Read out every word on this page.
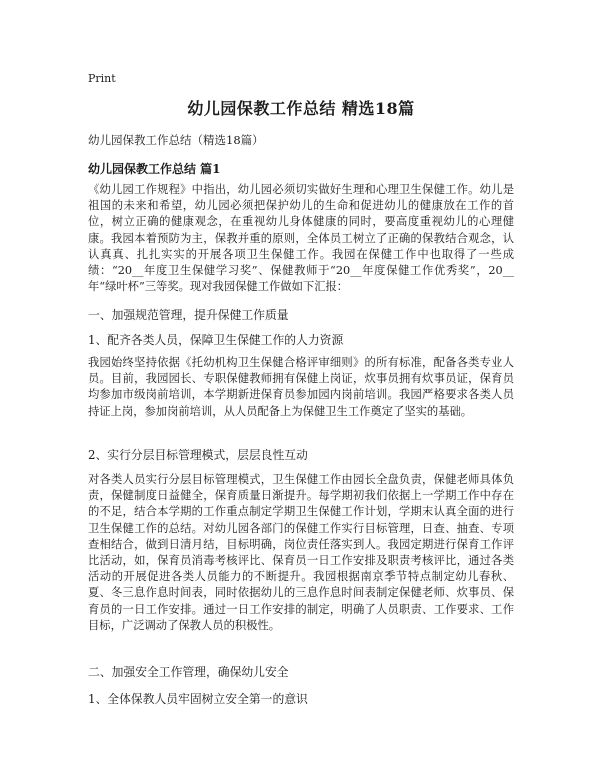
Print
幼儿园保教工作总结 精选18篇
幼儿园保教工作总结（精选18篇）
幼儿园保教工作总结 篇1
《幼儿园工作规程》中指出，幼儿园必须切实做好生理和心理卫生保健工作。幼儿是祖国的未来和希望，幼儿园必须把保护幼儿的生命和促进幼儿的健康放在工作的首位，树立正确的健康观念，在重视幼儿身体健康的同时，要高度重视幼儿的心理健康。我园本着预防为主，保教并重的原则，全体员工树立了正确的保教结合观念，认认真真、扎扎实实的开展各项卫生保健工作。我园在保健工作中也取得了一些成绩：“20__年度卫生保健学习奖”、保健教师于“20__年度保健工作优秀奖”，20__年“绿叶杯”三等奖。现对我园保健工作做如下汇报：
一、加强规范管理，提升保健工作质量
1、配齐各类人员，保障卫生保健工作的人力资源
我园始终坚持依据《托幼机构卫生保健合格评审细则》的所有标准，配备各类专业人员。目前，我园园长、专职保健教师拥有保健上岗证，炊事员拥有炊事员证，保育员均参加市级岗前培训，本学期新进保育员参加园内岗前培训。我园严格要求各类人员持证上岗，参加岗前培训，从人员配备上为保健卫生工作奠定了坚实的基础。
2、实行分层目标管理模式，层层良性互动
对各类人员实行分层目标管理模式，卫生保健工作由园长全盘负责，保健老师具体负责，保健制度日益健全，保育质量日渐提升。每学期初我们依据上一学期工作中存在的不足，结合本学期的工作重点制定学期卫生保健工作计划，学期末认真全面的进行卫生保健工作的总结。对幼儿园各部门的保健工作实行目标管理，日查、抽查、专项查相结合，做到日清月结，目标明确，岗位责任落实到人。我园定期进行保育工作评比活动，如，保育员消毒考核评比、保育员一日工作安排及职责考核评比，通过各类活动的开展促进各类人员能力的不断提升。我园根据南京季节特点制定幼儿春秋、夏、冬三息作息时间表，同时依据幼儿的三息作息时间表制定保健老师、炊事员、保育员的一日工作安排。通过一日工作安排的制定，明确了人员职责、工作要求、工作目标，广泛调动了保教人员的积极性。
二、加强安全工作管理，确保幼儿安全
1、全体保教人员牢固树立安全第一的意识
